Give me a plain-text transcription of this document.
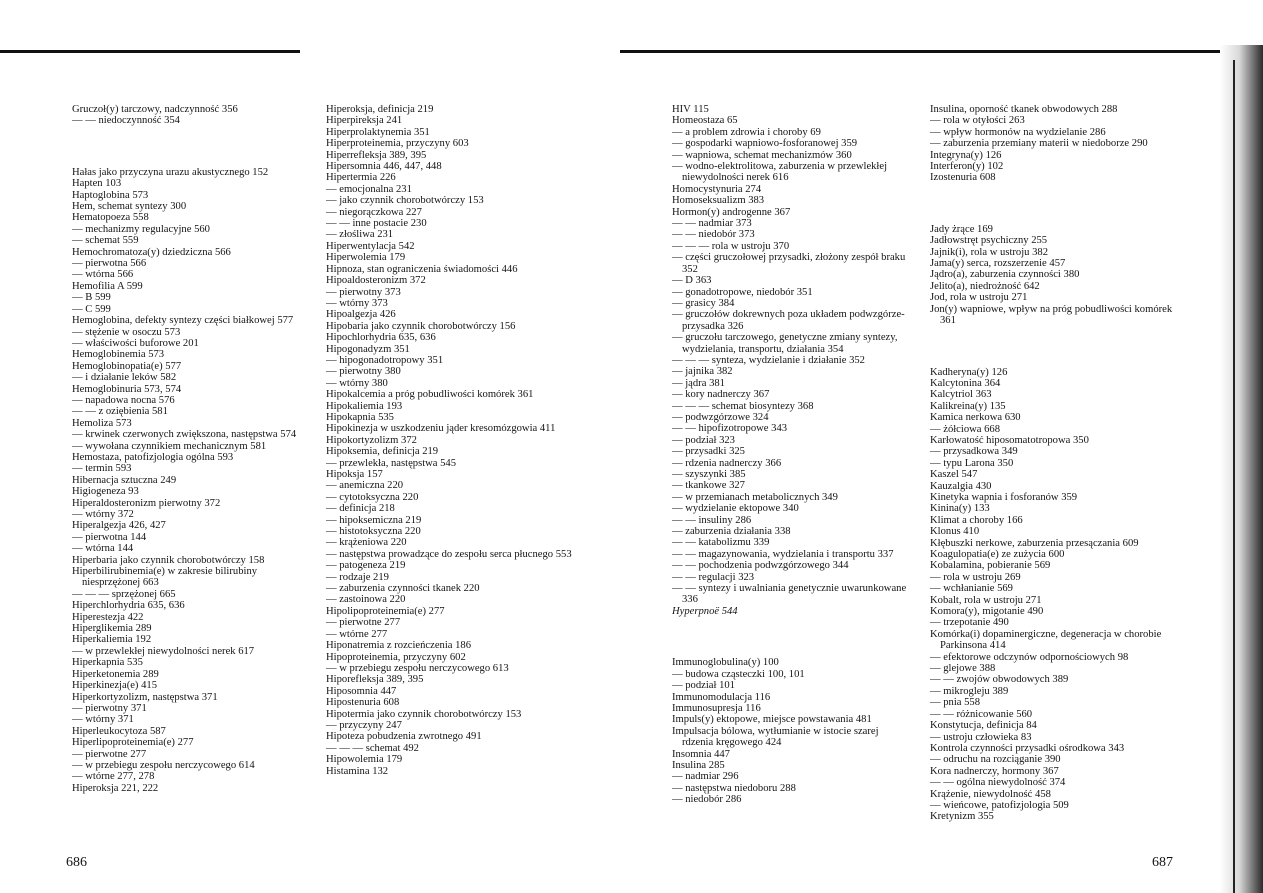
Gruczoł(y) tarczowy, nadczynność 356
— — niedoczynność 354
Hałas jako przyczyna urazu akustycznego 152
Hapten 103
Haptoglobina 573
Hem, schemat syntezy 300
Hematopoeza 558
— mechanizmy regulacyjne 560
— schemat 559
Hemochromatoza(y) dziedziczna 566
— pierwotna 566
— wtórna 566
Hemofilia A 599
— B 599
— C 599
Hemoglobina, defekty syntezy części białkowej 577
— stężenie w osoczu 573
— właściwości buforowe 201
Hemoglobinemia 573
Hemoglobinopatia(e) 577
— i działanie leków 582
Hemoglobinuria 573, 574
— napadowa nocna 576
— — z oziębienia 581
Hemoliza 573
— krwinek czerwonych zwiększona, następstwa 574
— wywołana czynnikiem mechanicznym 581
Hemostaza, patofizjologia ogólna 593
— termin 593
Hibernacja sztuczna 249
Higiogeneza 93
Hiperaldosteronizm pierwotny 372
— wtórny 372
Hiperalgezja 426, 427
— pierwotna 144
— wtórna 144
Hiperbaria jako czynnik chorobotwórczy 158
Hiperbilirubinemia(e) w zakresie bilirubiny niesprzężonej 663
— — — sprzężonej 665
Hiperchlorhydria 635, 636
Hiperestezja 422
Hiperglikemia 289
Hiperkaliemia 192
— w przewlekłej niewydolności nerek 617
Hiperkapnia 535
Hiperketonemia 289
Hiperkinezja(e) 415
Hiperkortyzolizm, następstwa 371
— pierwotny 371
— wtórny 371
Hiperleukocytoza 587
Hiperlipoproteinemia(e) 277
— pierwotne 277
— w przebiegu zespołu nerczycowego 614
— wtórne 277, 278
Hiperoksja 221, 222
Hiperoksja, definicja 219
Hiperpireksja 241
Hiperprolaktynemia 351
Hiperproteinemia, przyczyny 603
Hiperrefleksja 389, 395
Hipersomnia 446, 447, 448
Hipertermia 226
— emocjonalna 231
— jako czynnik chorobotwórczy 153
— niegorączkowa 227
— — inne postacie 230
— złośliwa 231
Hiperwentylacja 542
Hiperwolemia 179
Hipnoza, stan ograniczenia świadomości 446
Hipoaldosteronizm 372
— pierwotny 373
— wtórny 373
Hipoalgezja 426
Hipobaria jako czynnik chorobotwórczy 156
Hipochlorhydria 635, 636
Hipogonadyzm 351
— hipogonadotropowy 351
— pierwotny 380
— wtórny 380
Hipokalcemia a próg pobudliwości komórek 361
Hipokaliemia 193
Hipokapnia 535
Hipokinezja w uszkodzeniu jąder kresomózgowia 411
Hipokortyzolizm 372
Hipoksemia, definicja 219
— przewlekła, następstwa 545
Hipoksja 157
— anemiczna 220
— cytotoksyczna 220
— definicja 218
— hipoksemiczna 219
— histotoksyczna 220
— krążeniowa 220
— następstwa prowadzące do zespołu serca płucnego 553
— patogeneza 219
— rodzaje 219
— zaburzenia czynności tkanek 220
— zastoinowa 220
Hipolipoproteinemia(e) 277
— pierwotne 277
— wtórne 277
Hiponatremia z rozcieńczenia 186
Hipoproteinemia, przyczyny 602
— w przebiegu zespołu nerczycowego 613
Hiporefleksja 389, 395
Hiposomnia 447
Hipostenuria 608
Hipotermia jako czynnik chorobotwórczy 153
— przyczyny 247
Hipoteza pobudzenia zwrotnego 491
— — — schemat 492
Hipowolemia 179
Histamina 132
HIV 115
Homeostaza 65
— a problem zdrowia i choroby 69
— gospodarki wapniowo-fosforanowej 359
— wapniowa, schemat mechanizmów 360
— wodno-elektrolitowa, zaburzenia w przewlekłej niewydolności nerek 616
Homocystynuria 274
Homoseksualizm 383
Hormon(y) androgenne 367
— — nadmiar 373
— — niedobór 373
— — — rola w ustroju 370
— części gruczołowej przysadki, złożony zespół braku 352
— D 363
— gonadotropowe, niedobór 351
— grasicy 384
— gruczołów dokrewnych poza układem podwzgórze-przysadka 326
— gruczołu tarczowego, genetyczne zmiany syntezy, wydzielania, transportu, działania 354
— — — synteza, wydzielanie i działanie 352
— jajnika 382
— jądra 381
— kory nadnerczy 367
— — — schemat biosyntezy 368
— podwzgórzowe 324
— — hipofizotropowe 343
— podział 323
— przysadki 325
— rdzenia nadnerczy 366
— szyszynki 385
— tkankowe 327
— w przemianach metabolicznych 349
— wydzielanie ektopowe 340
— — insuliny 286
— zaburzenia działania 338
— — katabolizmu 339
— — magazynowania, wydzielania i transportu 337
— — pochodzenia podwzgórzowego 344
— — regulacji 323
— — syntezy i uwalniania genetycznie uwarunkowane 336
Hyperpnoë 544
Immunoglobulina(y) 100
— budowa cząsteczki 100, 101
— podział 101
Immunomodulacja 116
Immunosupresja 116
Impuls(y) ektopowe, miejsce powstawania 481
Impulsacja bólowa, wytłumianie w istocie szarej rdzenia kręgowego 424
Insomnia 447
Insulina 285
— nadmiar 296
— następstwa niedoboru 288
— niedobór 286
Insulina, oporność tkanek obwodowych 288
— rola w otyłości 263
— wpływ hormonów na wydzielanie 286
— zaburzenia przemiany materii w niedoborze 290
Integryna(y) 126
Interferon(y) 102
Izostenuria 608
Jady żrące 169
Jadłowstręt psychiczny 255
Jajnik(i), rola w ustroju 382
Jama(y) serca, rozszerzenie 457
Jądro(a), zaburzenia czynności 380
Jelito(a), niedrożność 642
Jod, rola w ustroju 271
Jon(y) wapniowe, wpływ na próg pobudliwości komórek 361
Kadheryna(y) 126
Kalcytonina 364
Kalcytriol 363
Kalikreina(y) 135
Kamica nerkowa 630
— żółciowa 668
Karłowatość hiposomatotropowa 350
— przysadkowa 349
— typu Larona 350
Kaszel 547
Kauzalgia 430
Kinetyka wapnia i fosforanów 359
Kinina(y) 133
Klimat a choroby 166
Klonus 410
Kłębuszki nerkowe, zaburzenia przesączania 609
Koagulopatia(e) ze zużycia 600
Kobalamina, pobieranie 569
— rola w ustroju 269
— wchłanianie 569
Kobalt, rola w ustroju 271
Komora(y), migotanie 490
— trzepotanie 490
Komórka(i) dopaminergiczne, degeneracja w chorobie Parkinsona 414
— efektorowe odczynów odpornościowych 98
— glejowe 388
— — zwojów obwodowych 389
— mikrogleju 389
— pnia 558
— — różnicowanie 560
Konstytucja, definicja 84
— ustroju człowieka 83
Kontrola czynności przysadki ośrodkowa 343
— odruchu na rozciąganie 390
Kora nadnerczy, hormony 367
— — ogólna niewydolność 374
Krążenie, niewydolność 458
— wieńcowe, patofizjologia 509
Kretynizm 355
686	687
